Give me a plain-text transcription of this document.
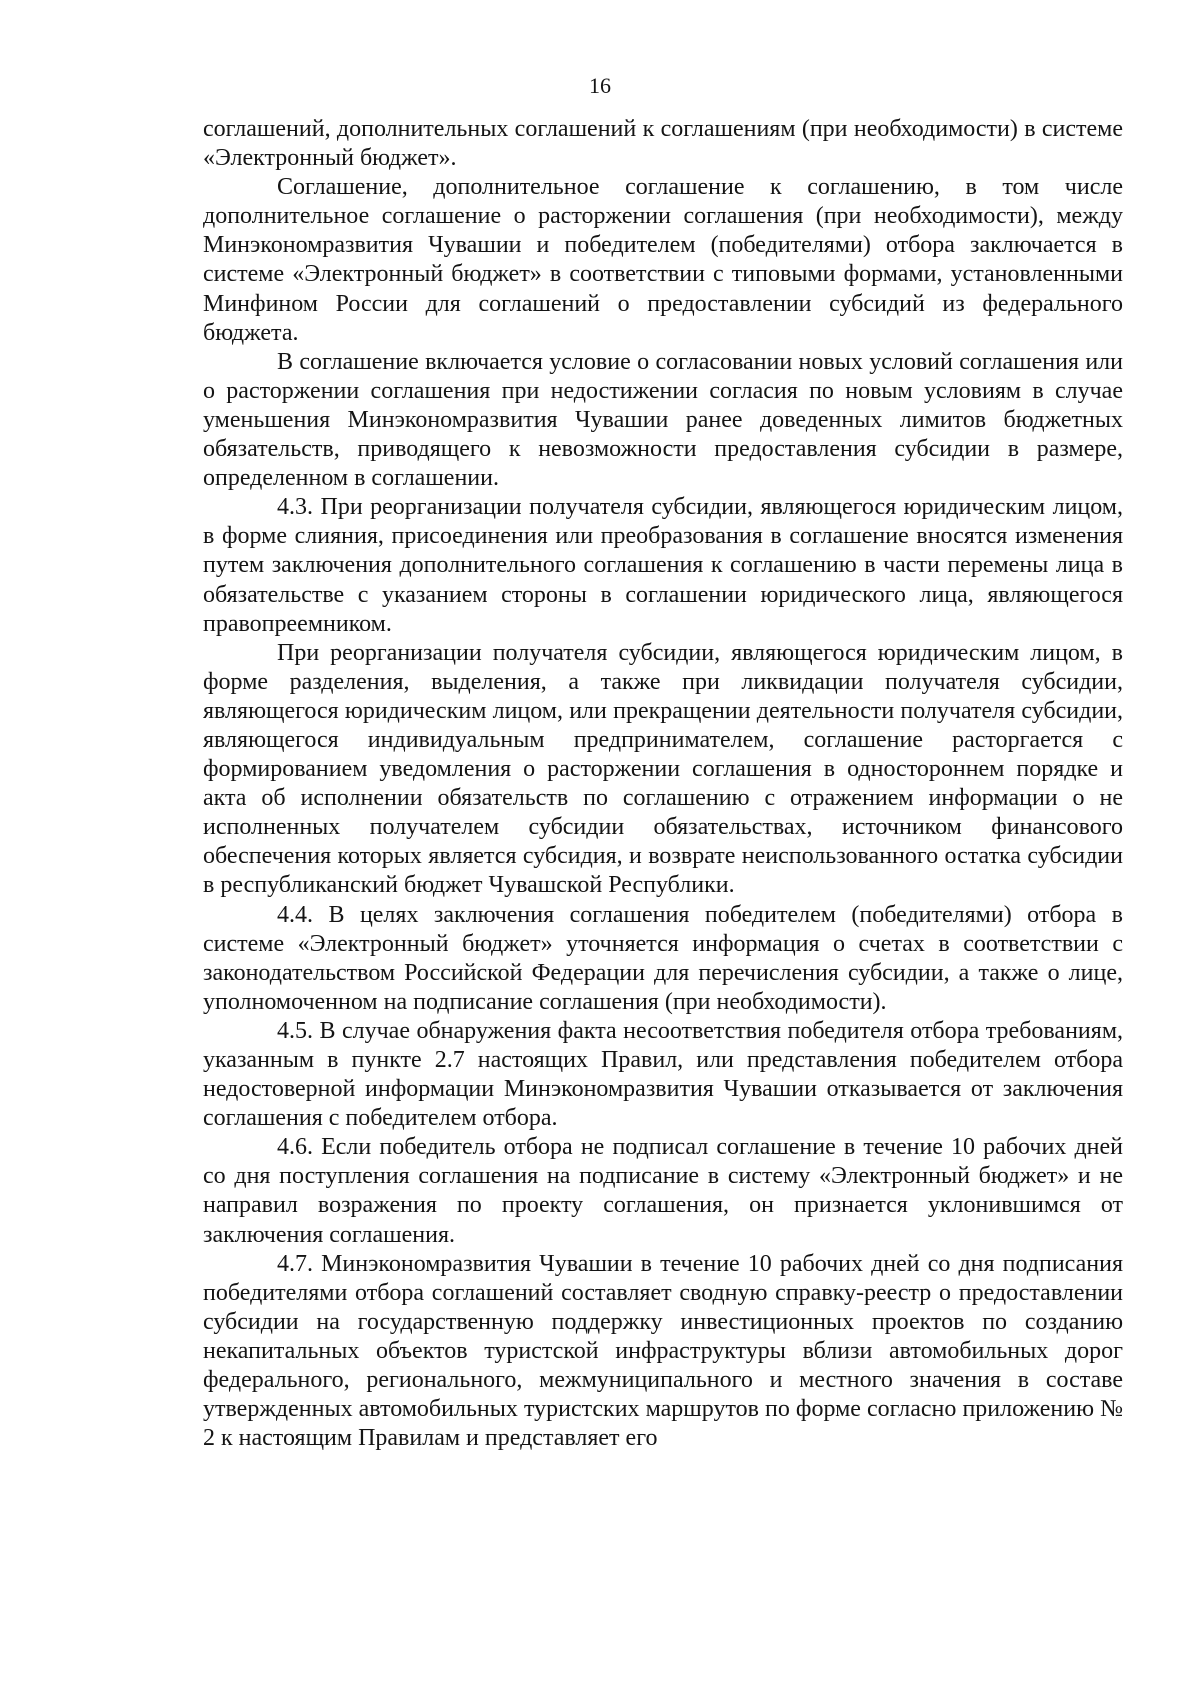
16

соглашений, дополнительных соглашений к соглашениям (при необходимости) в системе «Электронный бюджет».

Соглашение, дополнительное соглашение к соглашению, в том числе дополнительное соглашение о расторжении соглашения (при необходимости), между Минэкономразвития Чувашии и победителем (победителями) отбора заключается в системе «Электронный бюджет» в соответствии с типовыми формами, установленными Минфином России для соглашений о предоставлении субсидий из федерального бюджета.

В соглашение включается условие о согласовании новых условий соглашения или о расторжении соглашения при недостижении согласия по новым условиям в случае уменьшения Минэкономразвития Чувашии ранее доведенных лимитов бюджетных обязательств, приводящего к невозможности предоставления субсидии в размере, определенном в соглашении.

4.3. При реорганизации получателя субсидии, являющегося юридическим лицом, в форме слияния, присоединения или преобразования в соглашение вносятся изменения путем заключения дополнительного соглашения к соглашению в части перемены лица в обязательстве с указанием стороны в соглашении юридического лица, являющегося правопреемником.

При реорганизации получателя субсидии, являющегося юридическим лицом, в форме разделения, выделения, а также при ликвидации получателя субсидии, являющегося юридическим лицом, или прекращении деятельности получателя субсидии, являющегося индивидуальным предпринимателем, соглашение расторгается с формированием уведомления о расторжении соглашения в одностороннем порядке и акта об исполнении обязательств по соглашению с отражением информации о не исполненных получателем субсидии обязательствах, источником финансового обеспечения которых является субсидия, и возврате неиспользованного остатка субсидии в республиканский бюджет Чувашской Республики.

4.4. В целях заключения соглашения победителем (победителями) отбора в системе «Электронный бюджет» уточняется информация о счетах в соответствии с законодательством Российской Федерации для перечисления субсидии, а также о лице, уполномоченном на подписание соглашения (при необходимости).

4.5. В случае обнаружения факта несоответствия победителя отбора требованиям, указанным в пункте 2.7 настоящих Правил, или представления победителем отбора недостоверной информации Минэкономразвития Чувашии отказывается от заключения соглашения с победителем отбора.

4.6. Если победитель отбора не подписал соглашение в течение 10 рабочих дней со дня поступления соглашения на подписание в систему «Электронный бюджет» и не направил возражения по проекту соглашения, он признается уклонившимся от заключения соглашения.

4.7. Минэкономразвития Чувашии в течение 10 рабочих дней со дня подписания победителями отбора соглашений составляет сводную справку-реестр о предоставлении субсидии на государственную поддержку инвестиционных проектов по созданию некапитальных объектов туристской инфраструктуры вблизи автомобильных дорог федерального, регионального, межмуниципального и местного значения в составе утвержденных автомобильных туристских маршрутов по форме согласно приложению № 2 к настоящим Правилам и представляет его
